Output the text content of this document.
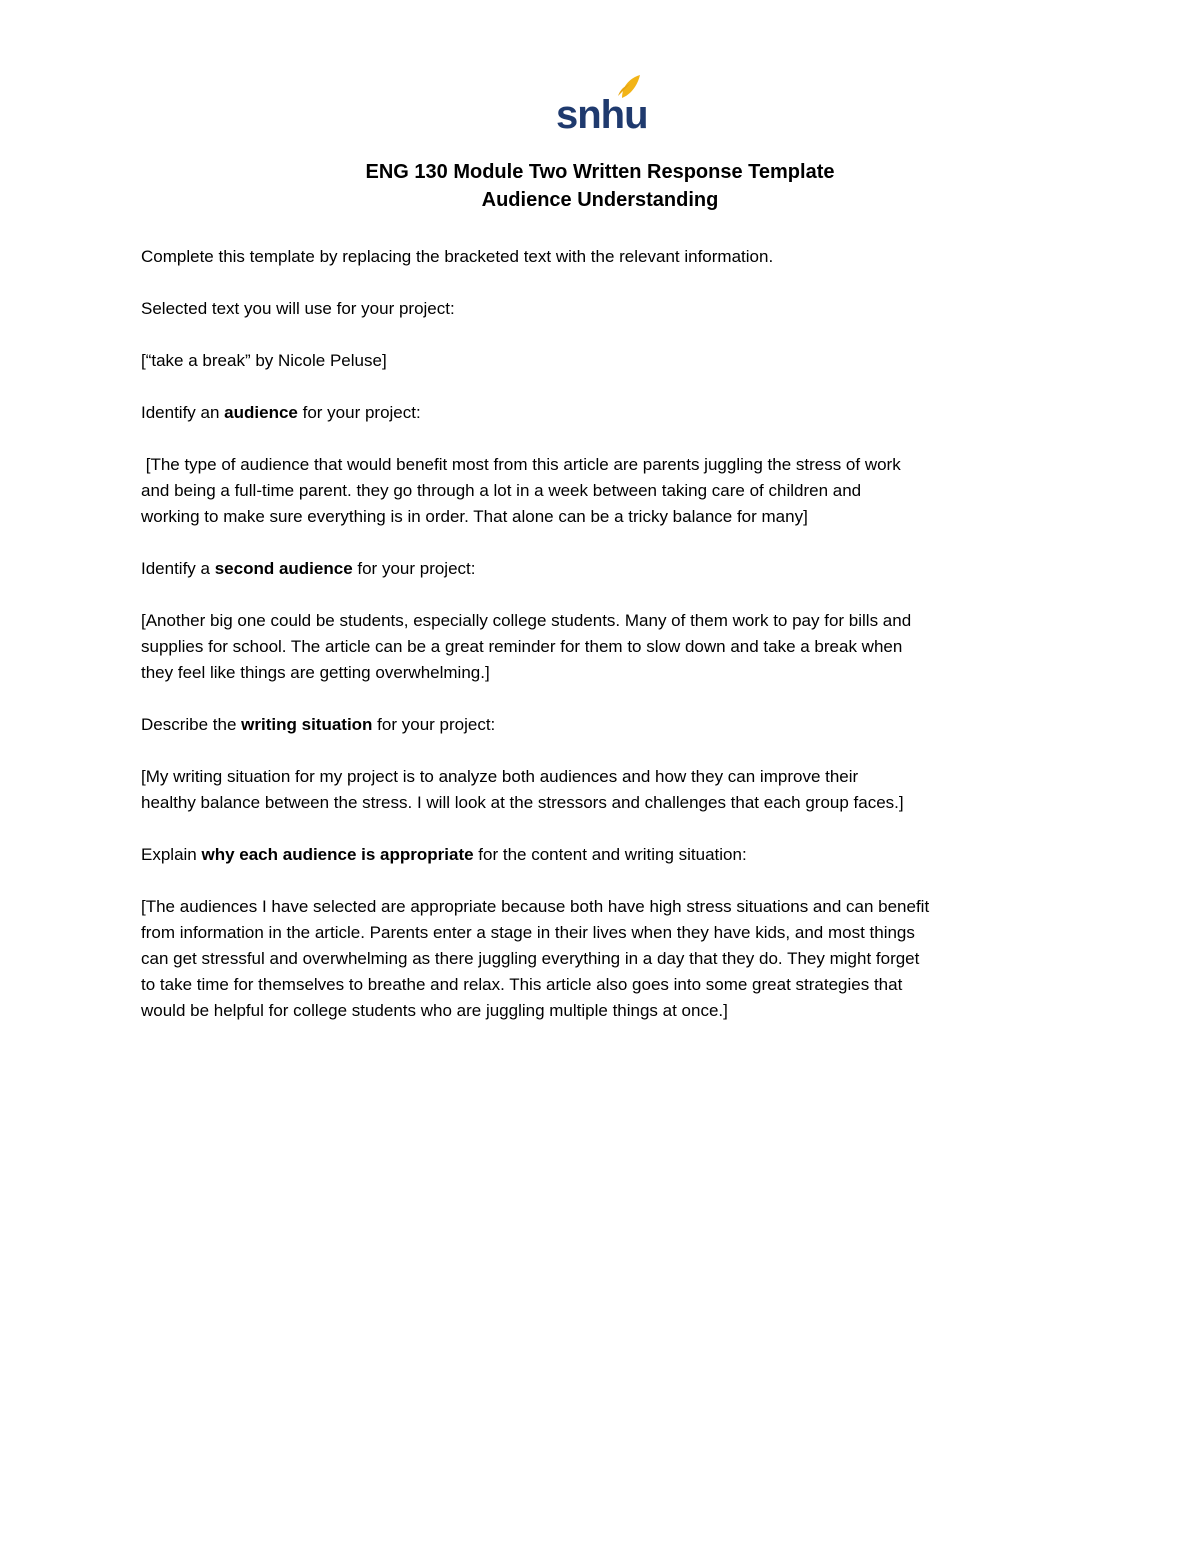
snhu
ENG 130 Module Two Written Response Template
Audience Understanding

Complete this template by replacing the bracketed text with the relevant information.

Selected text you will use for your project:

[“take a break” by Nicole Peluse]

Identify an audience for your project:

[The type of audience that would benefit most from this article are parents juggling the stress of work
and being a full-time parent. they go through a lot in a week between taking care of children and
working to make sure everything is in order. That alone can be a tricky balance for many]

Identify a second audience for your project:

[Another big one could be students, especially college students. Many of them work to pay for bills and
supplies for school. The article can be a great reminder for them to slow down and take a break when
they feel like things are getting overwhelming.]

Describe the writing situation for your project:

[My writing situation for my project is to analyze both audiences and how they can improve their
healthy balance between the stress. I will look at the stressors and challenges that each group faces.]

Explain why each audience is appropriate for the content and writing situation:

[The audiences I have selected are appropriate because both have high stress situations and can benefit
from information in the article. Parents enter a stage in their lives when they have kids, and most things
can get stressful and overwhelming as there juggling everything in a day that they do. They might forget
to take time for themselves to breathe and relax. This article also goes into some great strategies that
would be helpful for college students who are juggling multiple things at once.]
